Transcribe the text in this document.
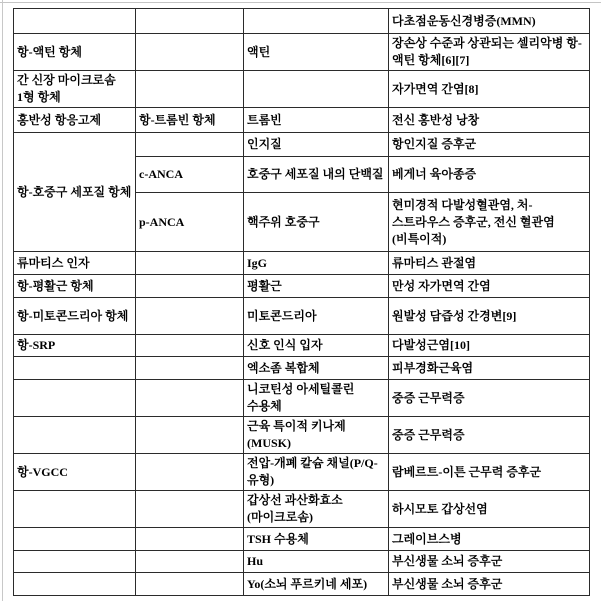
			다초점운동신경병증(MMN)
항-액틴 항체		액틴	장손상 수준과 상관되는 셀리악병 항-액틴 항체[6][7]
간 신장 마이크로솜 1형 항체			자가면역 간염[8]
홍반성 항응고제	항-트롬빈 항체	트롬빈	전신 홍반성 낭창
항-호중구 세포질 항체		인지질	항인지질 증후군
	c-ANCA	호중구 세포질 내의 단백질	베게너 육아종증
	p-ANCA	핵주위 호중구	현미경적 다발성혈관염, 처-스트라우스 증후군, 전신 혈관염(비특이적)
류마티스 인자		IgG	류마티스 관절염
항-평활근 항체		평활근	만성 자가면역 간염
항-미토콘드리아 항체		미토콘드리아	원발성 담즙성 간경변[9]
항-SRP		신호 인식 입자	다발성근염[10]
		엑소좀 복합체	피부경화근육염
		니코틴성 아세틸콜린 수용체	중증 근무력증
		근육 특이적 키나제(MUSK)	중증 근무력증
항-VGCC		전압-개폐 칼슘 채널(P/Q-유형)	람베르트-이튼 근무력 증후군
		갑상선 과산화효소(마이크로솜)	하시모토 갑상선염
		TSH 수용체	그레이브스병
		Hu	부신생물 소뇌 증후군
		Yo(소뇌 푸르키네 세포)	부신생물 소뇌 증후군
